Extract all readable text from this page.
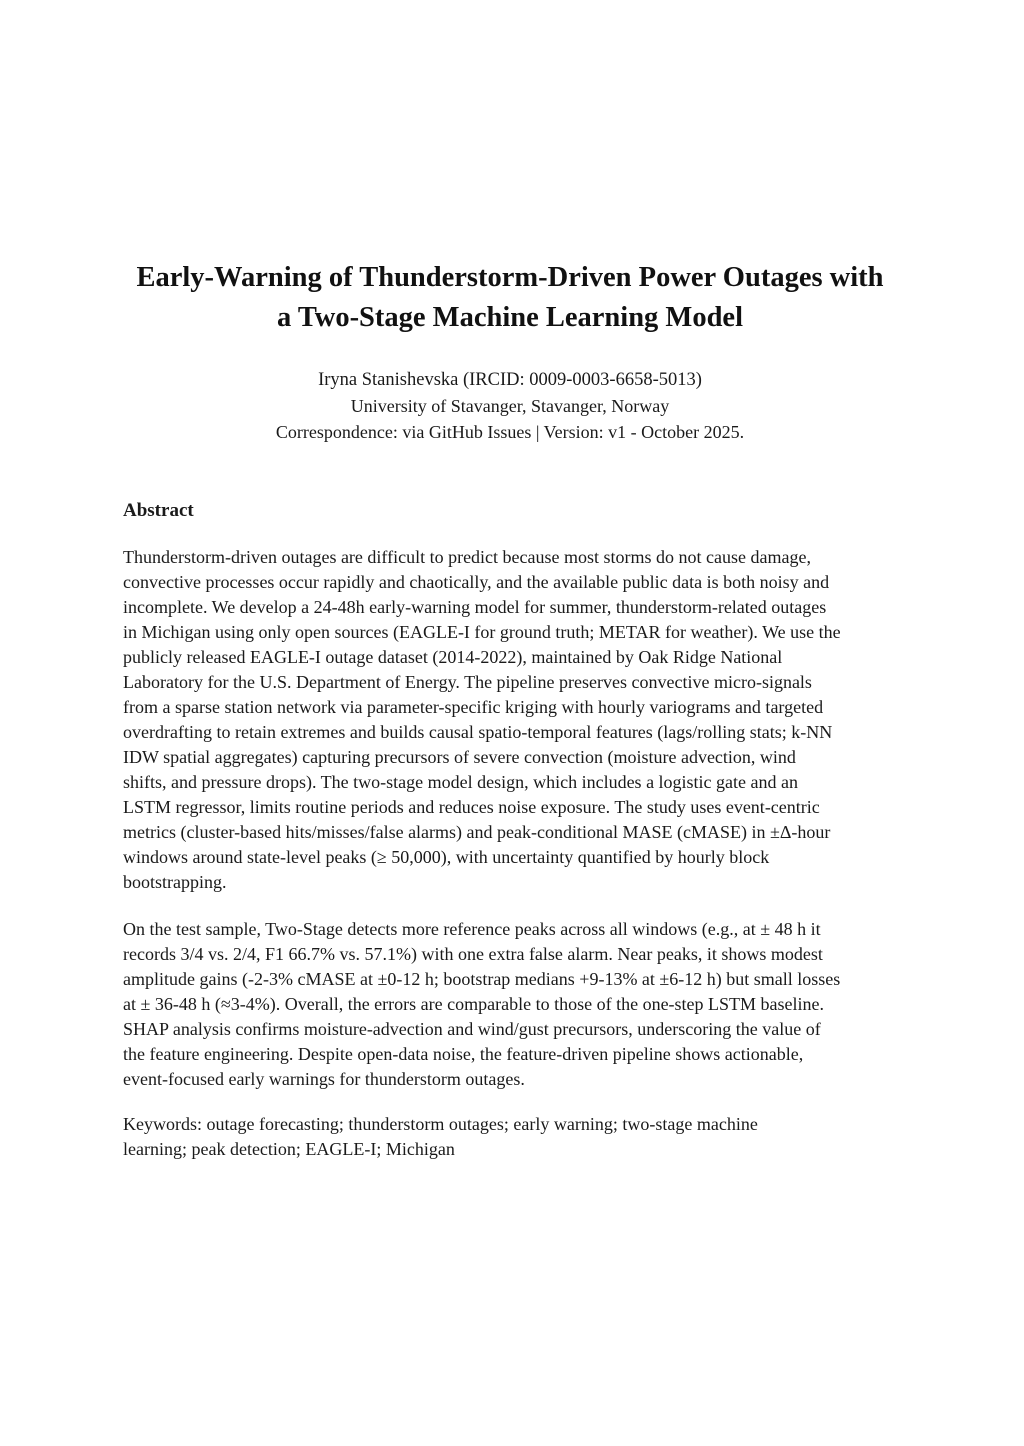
Early-Warning of Thunderstorm-Driven Power Outages with
a Two-Stage Machine Learning Model
Iryna Stanishevska (IRCID: 0009-0003-6658-5013)
University of Stavanger, Stavanger, Norway
Correspondence: via GitHub Issues | Version: v1 - October 2025.
Abstract
Thunderstorm-driven outages are difficult to predict because most storms do not cause damage,
convective processes occur rapidly and chaotically, and the available public data is both noisy and
incomplete. We develop a 24-48h early-warning model for summer, thunderstorm-related outages
in Michigan using only open sources (EAGLE-I for ground truth; METAR for weather). We use the
publicly released EAGLE-I outage dataset (2014-2022), maintained by Oak Ridge National
Laboratory for the U.S. Department of Energy. The pipeline preserves convective micro-signals
from a sparse station network via parameter-specific kriging with hourly variograms and targeted
overdrafting to retain extremes and builds causal spatio-temporal features (lags/rolling stats; k-NN
IDW spatial aggregates) capturing precursors of severe convection (moisture advection, wind
shifts, and pressure drops). The two-stage model design, which includes a logistic gate and an
LSTM regressor, limits routine periods and reduces noise exposure. The study uses event-centric
metrics (cluster-based hits/misses/false alarms) and peak-conditional MASE (cMASE) in ±Δ-hour
windows around state-level peaks (≥ 50,000), with uncertainty quantified by hourly block
bootstrapping.
On the test sample, Two-Stage detects more reference peaks across all windows (e.g., at ± 48 h it
records 3/4 vs. 2/4, F1 66.7% vs. 57.1%) with one extra false alarm. Near peaks, it shows modest
amplitude gains (-2-3% cMASE at ±0-12 h; bootstrap medians +9-13% at ±6-12 h) but small losses
at ± 36-48 h (≈3-4%). Overall, the errors are comparable to those of the one-step LSTM baseline.
SHAP analysis confirms moisture-advection and wind/gust precursors, underscoring the value of
the feature engineering. Despite open-data noise, the feature-driven pipeline shows actionable,
event-focused early warnings for thunderstorm outages.
Keywords: outage forecasting; thunderstorm outages; early warning; two-stage machine
learning; peak detection; EAGLE-I; Michigan
